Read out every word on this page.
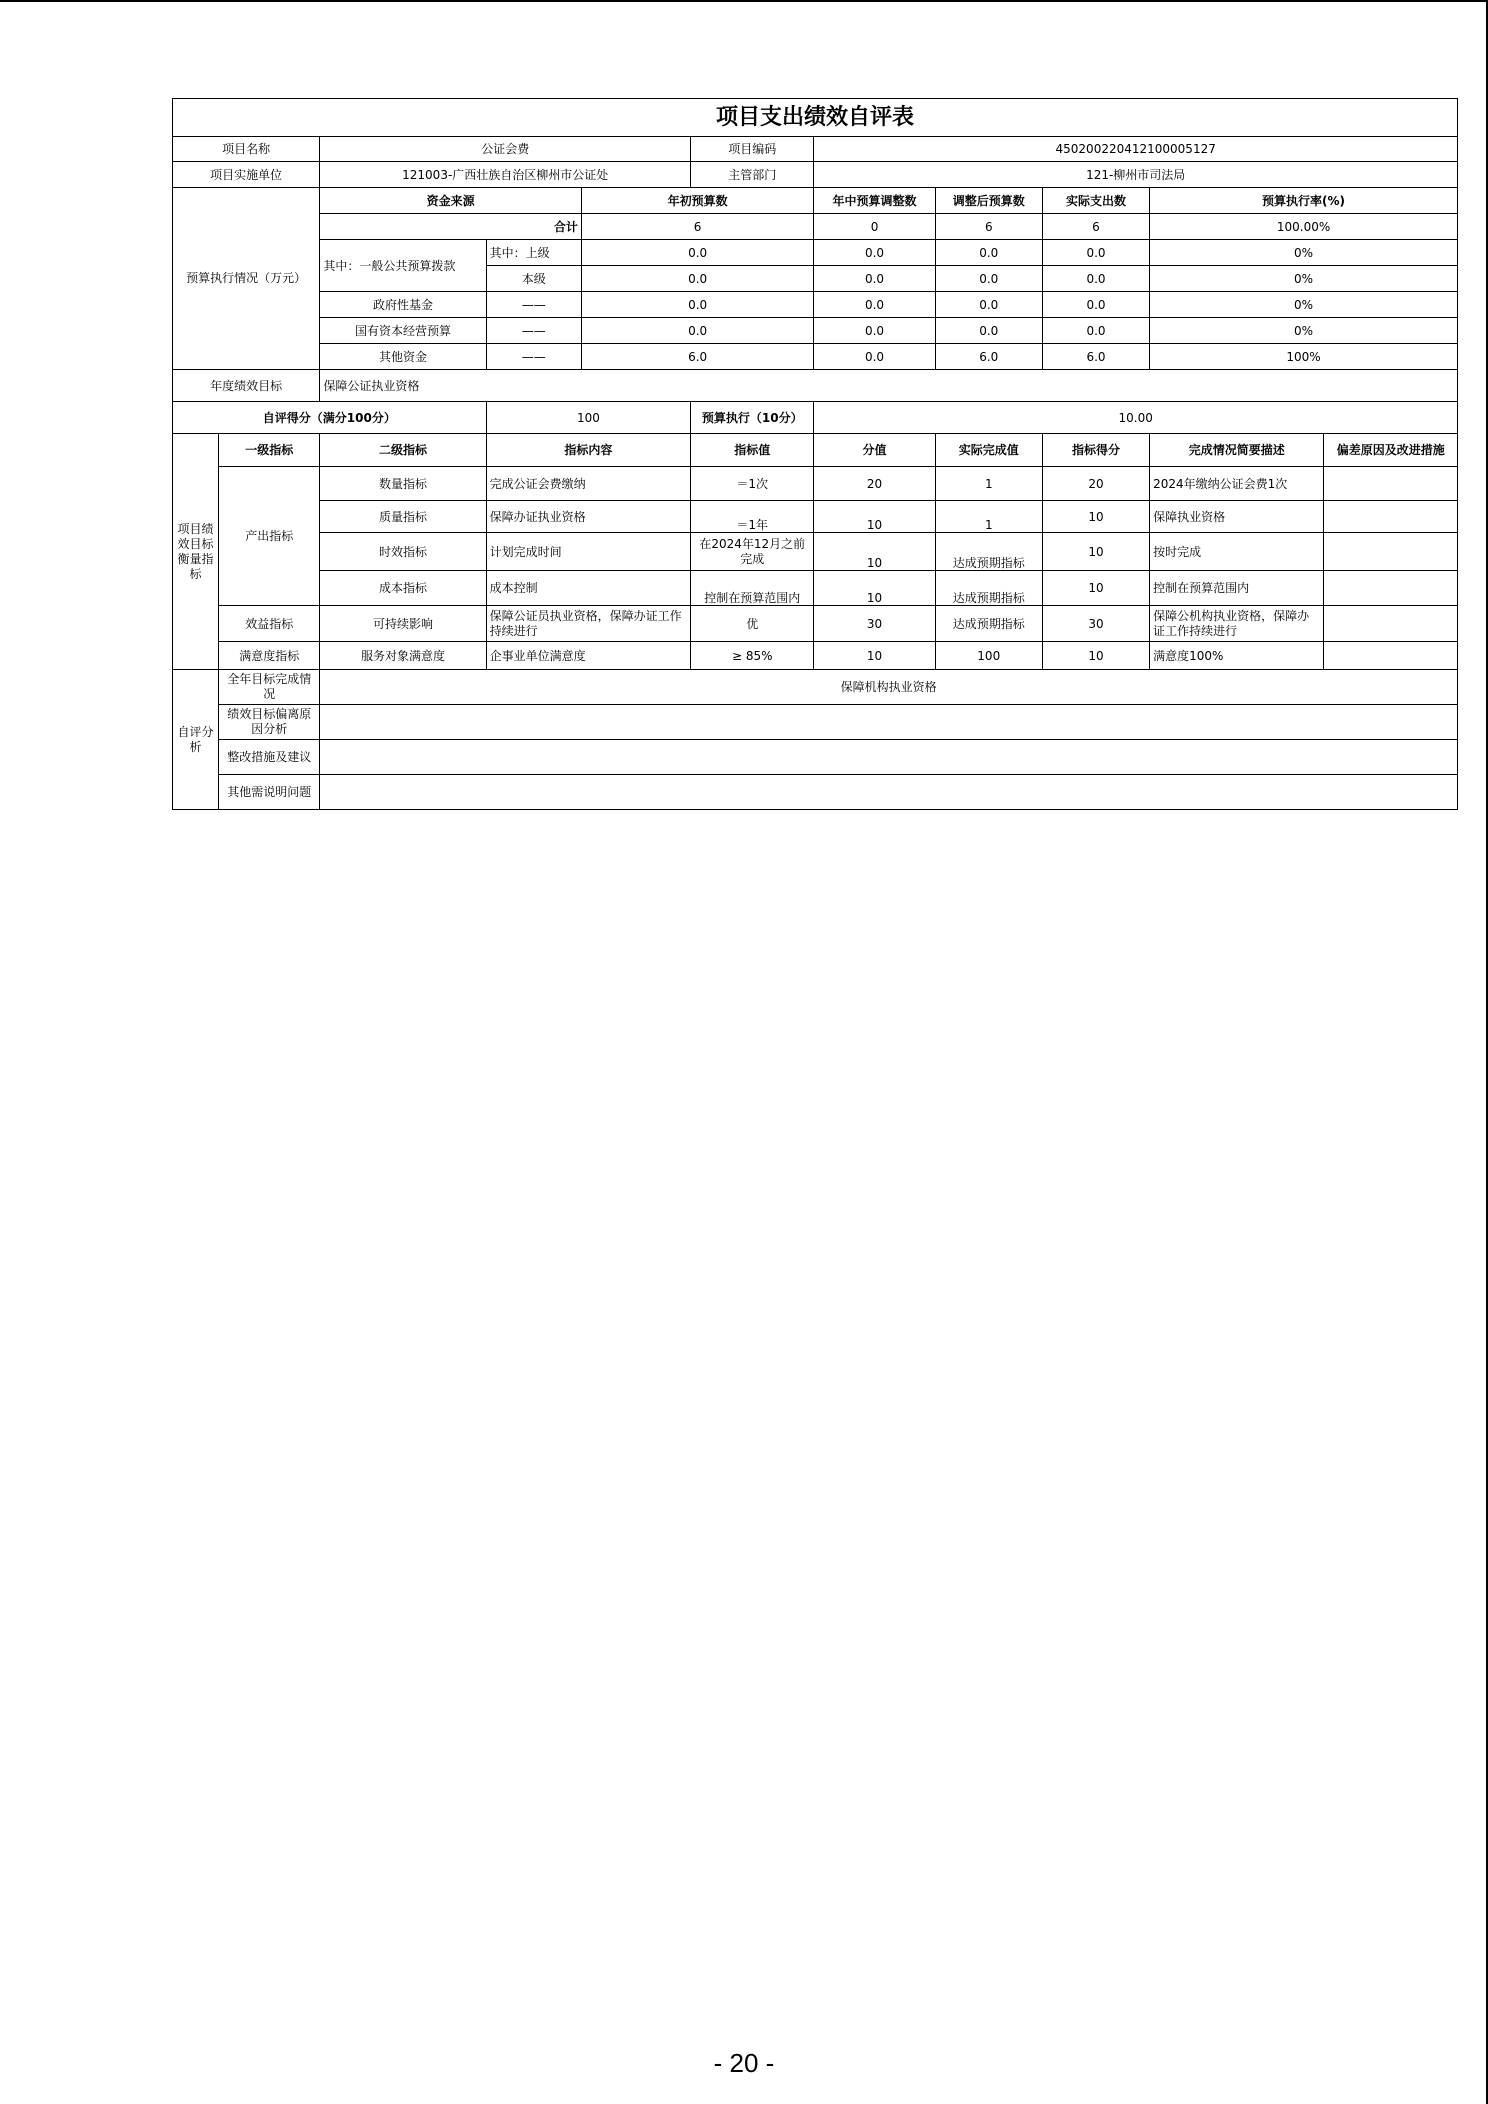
项目支出绩效自评表										
项目名称		公证会费			项目编码	450200220412100005127				
项目实施单位		121003-广西壮族自治区柳州市公证处			主管部门	121-柳州市司法局				
预算执行情况（万元）		资金来源		年初预算数		年中预算调整数	调整后预算数	实际支出数	预算执行率(%)	
		合计		6		0	6	6	100.00%	
		其中：一般公共预算拨款	其中：上级	0.0		0.0	0.0	0.0	0%	
			本级	0.0		0.0	0.0	0.0	0%	
		政府性基金	——	0.0		0.0	0.0	0.0	0%	
		国有资本经营预算	——	0.0		0.0	0.0	0.0	0%	
		其他资金	——	6.0		0.0	6.0	6.0	100%	
年度绩效目标		保障公证执业资格								
自评得分（满分100分）			100		预算执行（10分）	10.00				
项目绩效目标衡量指标	一级指标	二级指标	指标内容		指标值	分值	实际完成值	指标得分	完成情况简要描述	偏差原因及改进措施
	产出指标	数量指标	完成公证会费缴纳		＝1次	20	1	20	2024年缴纳公证会费1次	
		质量指标	保障办证执业资格		＝1年	10	1	10	保障执业资格	
		时效指标	计划完成时间		在2024年12月之前完成	10	达成预期指标	10	按时完成	
		成本指标	成本控制		控制在预算范围内	10	达成预期指标	10	控制在预算范围内	
	效益指标	可持续影响	保障公证员执业资格，保障办证工作持续进行		优	30	达成预期指标	30	保障公机构执业资格，保障办证工作持续进行	
	满意度指标	服务对象满意度	企事业单位满意度		≥ 85%	10	100	10	满意度100%	
自评分析	全年目标完成情况	保障机构执业资格								
	绩效目标偏离原因分析									
	整改措施及建议									
	其他需说明问题									
- 20 -
